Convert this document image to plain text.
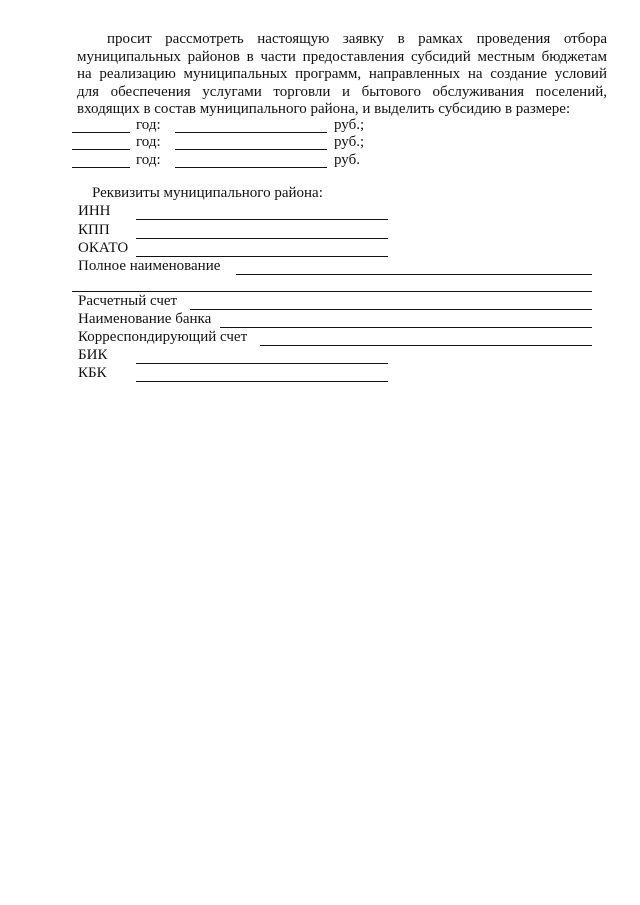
просит рассмотреть настоящую заявку в рамках проведения отбора
муниципальных районов в части предоставления субсидий местным бюджетам
на реализацию муниципальных программ, направленных на создание условий
для обеспечения услугами торговли и бытового обслуживания поселений,
входящих в состав муниципального района, и выделить субсидию в размере:
год:	руб.;
год:	руб.;
год:	руб.
Реквизиты муниципального района:
ИНН
КПП
ОКАТО
Полное наименование
Расчетный счет
Наименование банка
Корреспондирующий счет
БИК
КБК
